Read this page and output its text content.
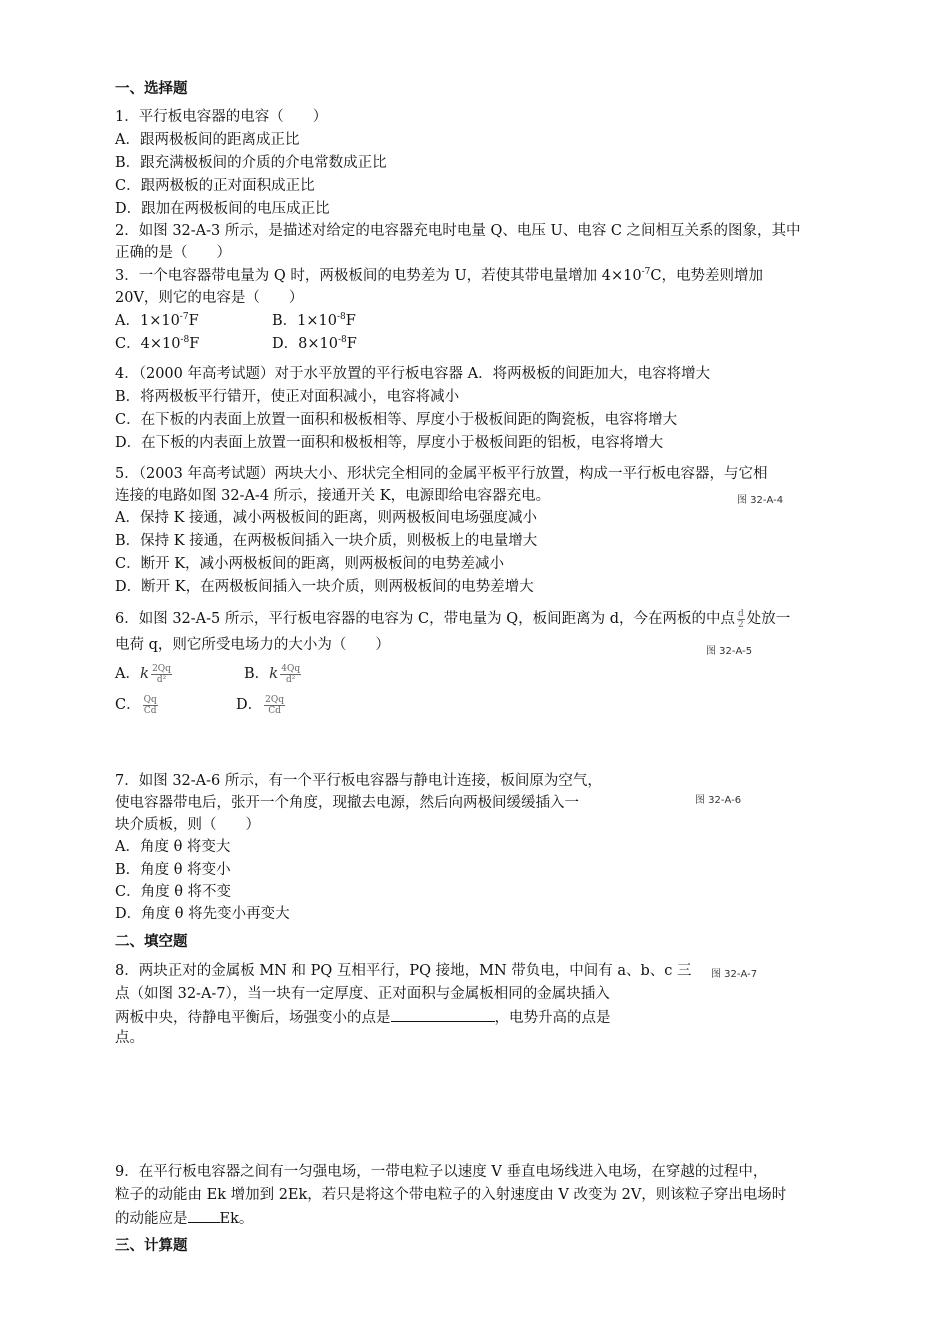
一、选择题
1．平行板电容器的电容（　　）
A．跟两极板间的距离成正比
B．跟充满极板间的介质的介电常数成正比
C．跟两极板的正对面积成正比
D．跟加在两极板间的电压成正比
2．如图 32-A-3 所示，是描述对给定的电容器充电时电量 Q、电压 U、电容 C 之间相互关系的图象，其中
正确的是（　　）
3．一个电容器带电量为 Q 时，两极板间的电势差为 U，若使其带电量增加 $4\times 10^{-7}C$，电势差则增加
20V，则它的电容是（　　）
A．$1\times 10^{-7}F$	B．$1\times 10^{-8}F$
C．$4\times 10^{-8}F$	D．$8\times 10^{-8}F$
4．（2000 年高考试题）对于水平放置的平行板电容器 A．将两极板的间距加大，电容将增大
B．将两极板平行错开，使正对面积减小，电容将减小
C．在下板的内表面上放置一面积和极板相等、厚度小于极板间距的陶瓷板，电容将增大
D．在下板的内表面上放置一面积和极板相等，厚度小于极板间距的铝板，电容将增大
5．（2003 年高考试题）两块大小、形状完全相同的金属平板平行放置，构成一平行板电容器，与它相
连接的电路如图 32-A-4 所示，接通开关 K，电源即给电容器充电。	图 32-A-4
A．保持 K 接通，减小两极板间的距离，则两极板间电场强度减小
B．保持 K 接通，在两极板间插入一块介质，则极板上的电量增大
C．断开 K，减小两极板间的距离，则两极板间的电势差减小
D．断开 K，在两极板间插入一块介质，则两极板间的电势差增大
6．如图 32-A-5 所示，平行板电容器的电容为 C，带电量为 Q，板间距离为 d，今在两板的中点 $\frac{d}{2}$ 处放一
电荷 q，则它所受电场力的大小为（　　）	图 32-A-5
A．k $\frac{2Qq}{\text{d²}}$	B．k $\frac{4Qq}{\text{d²}}$
C． $\frac{Qq}{Cd}$	D． $\frac{2Qq}{Cd}$
7．如图 32-A-6 所示，有一个平行板电容器与静电计连接，板间原为空气，
图 32-A-6
使电容器带电后，张开一个角度，现撤去电源，然后向两极间缓缓插入一
块介质板，则（　　）
A．角度 θ 将变大
B．角度 θ 将变小
C．角度 θ 将不变
D．角度 θ 将先变小再变大
二、填空题
8．两块正对的金属板 MN 和 PQ 互相平行，PQ 接地，MN 带负电，中间有 a、b、c 三 图 32-A-7
点（如图 32-A-7），当一块有一定厚度、正对面积与金属板相同的金属块插入
两板中央，待静电平衡后，场强变小的点是	，电势升高的点是
点。
9．在平行板电容器之间有一匀强电场，一带电粒子以速度 V 垂直电场线进入电场，在穿越的过程中，
粒子的动能由 Ek 增加到 2Ek，若只是将这个带电粒子的入射速度由 V 改变为 2V，则该粒子穿出电场时
的动能应是 Ek。
三、计算题
